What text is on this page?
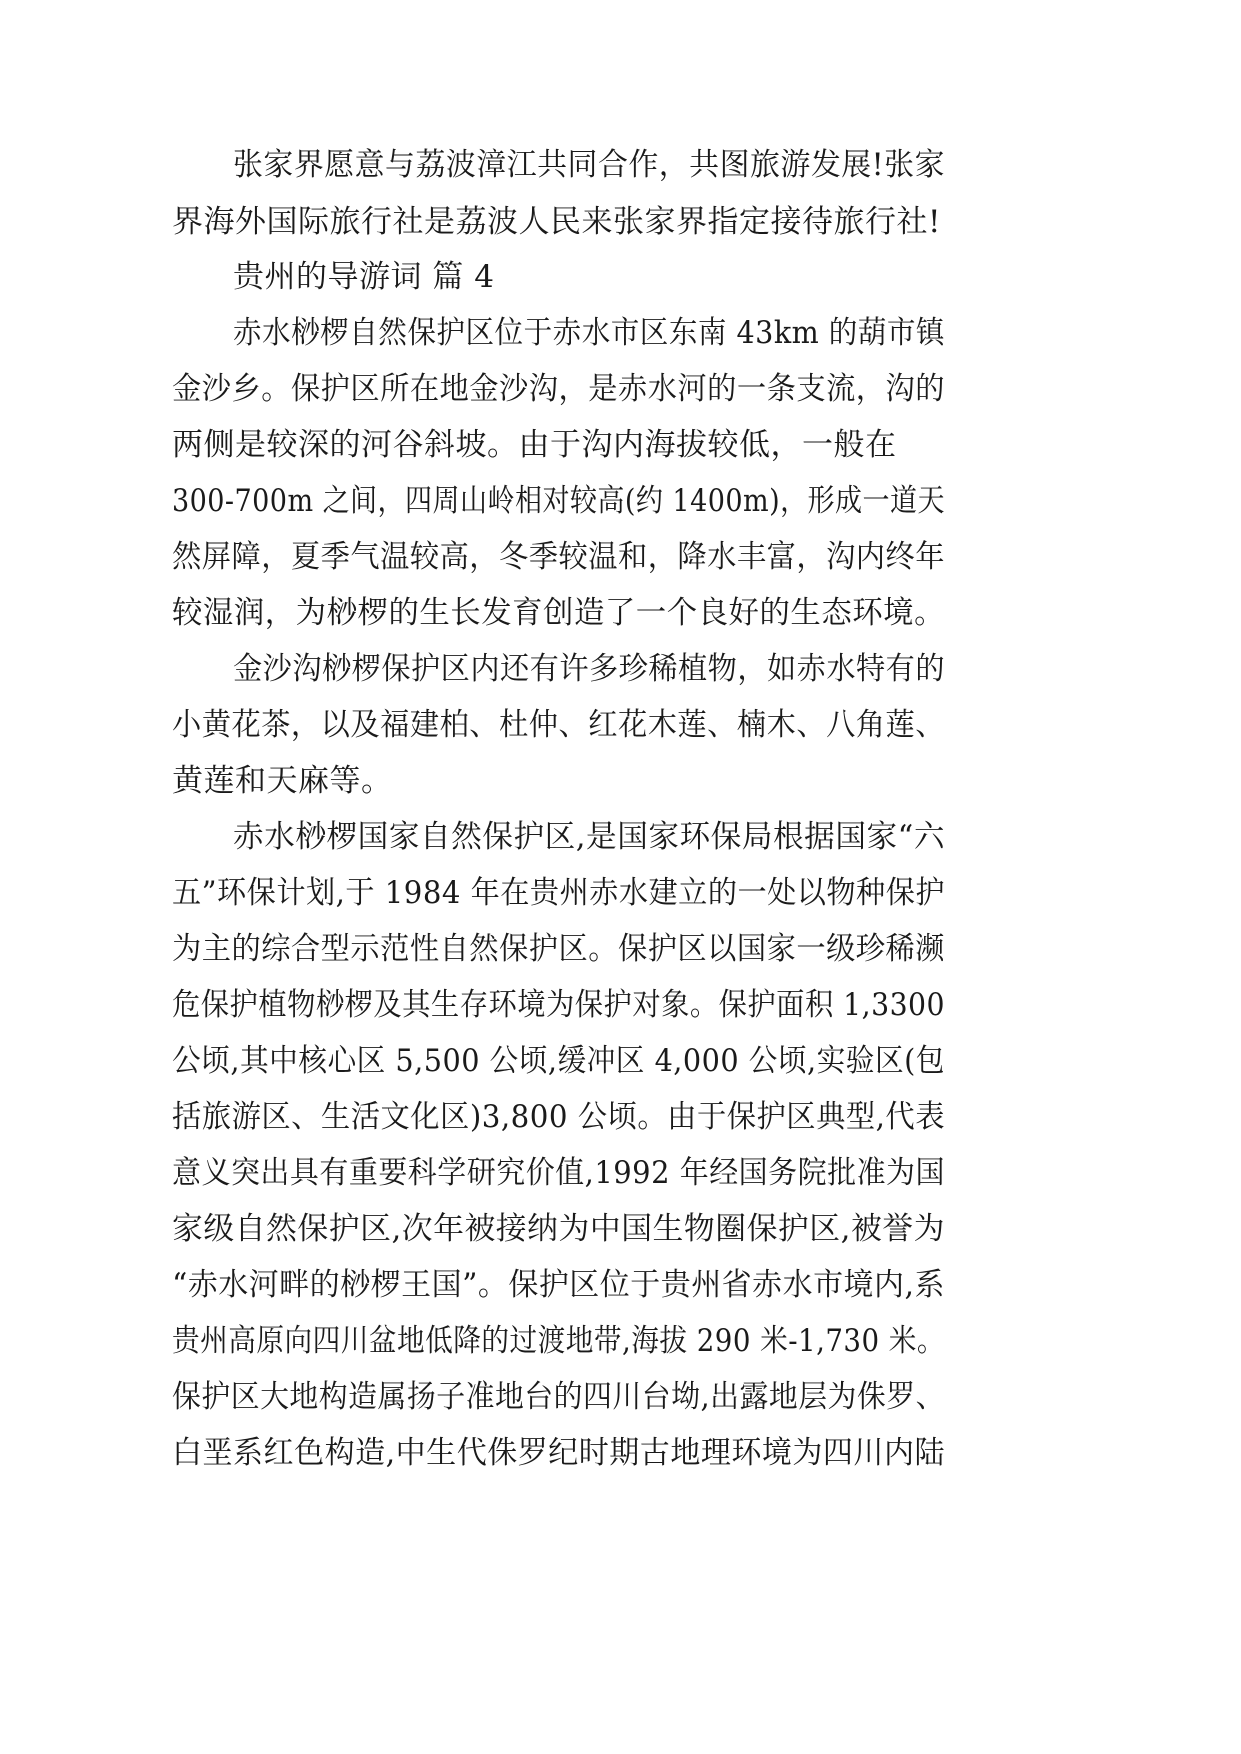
张家界愿意与荔波漳江共同合作，共图旅游发展!张家
界海外国际旅行社是荔波人民来张家界指定接待旅行社!
贵州的导游词 篇 4
赤水桫椤自然保护区位于赤水市区东南 43km 的葫市镇
金沙乡。保护区所在地金沙沟，是赤水河的一条支流，沟的
两侧是较深的河谷斜坡。由于沟内海拔较低，一般在
300-700m 之间，四周山岭相对较高(约 1400m)，形成一道天
然屏障，夏季气温较高，冬季较温和，降水丰富，沟内终年
较湿润，为桫椤的生长发育创造了一个良好的生态环境。
金沙沟桫椤保护区内还有许多珍稀植物，如赤水特有的
小黄花茶，以及福建柏、杜仲、红花木莲、楠木、八角莲、
黄莲和天麻等。
赤水桫椤国家自然保护区,是国家环保局根据国家“六
五”环保计划,于 1984 年在贵州赤水建立的一处以物种保护
为主的综合型示范性自然保护区。保护区以国家一级珍稀濒
危保护植物桫椤及其生存环境为保护对象。保护面积 1,3300
公顷,其中核心区 5,500 公顷,缓冲区 4,000 公顷,实验区(包
括旅游区、生活文化区)3,800 公顷。由于保护区典型,代表
意义突出具有重要科学研究价值,1992 年经国务院批准为国
家级自然保护区,次年被接纳为中国生物圈保护区,被誉为
“赤水河畔的桫椤王国”。保护区位于贵州省赤水市境内,系
贵州高原向四川盆地低降的过渡地带,海拔 290 米-1,730 米。
保护区大地构造属扬子准地台的四川台坳,出露地层为侏罗、
白垩系红色构造,中生代侏罗纪时期古地理环境为四川内陆
